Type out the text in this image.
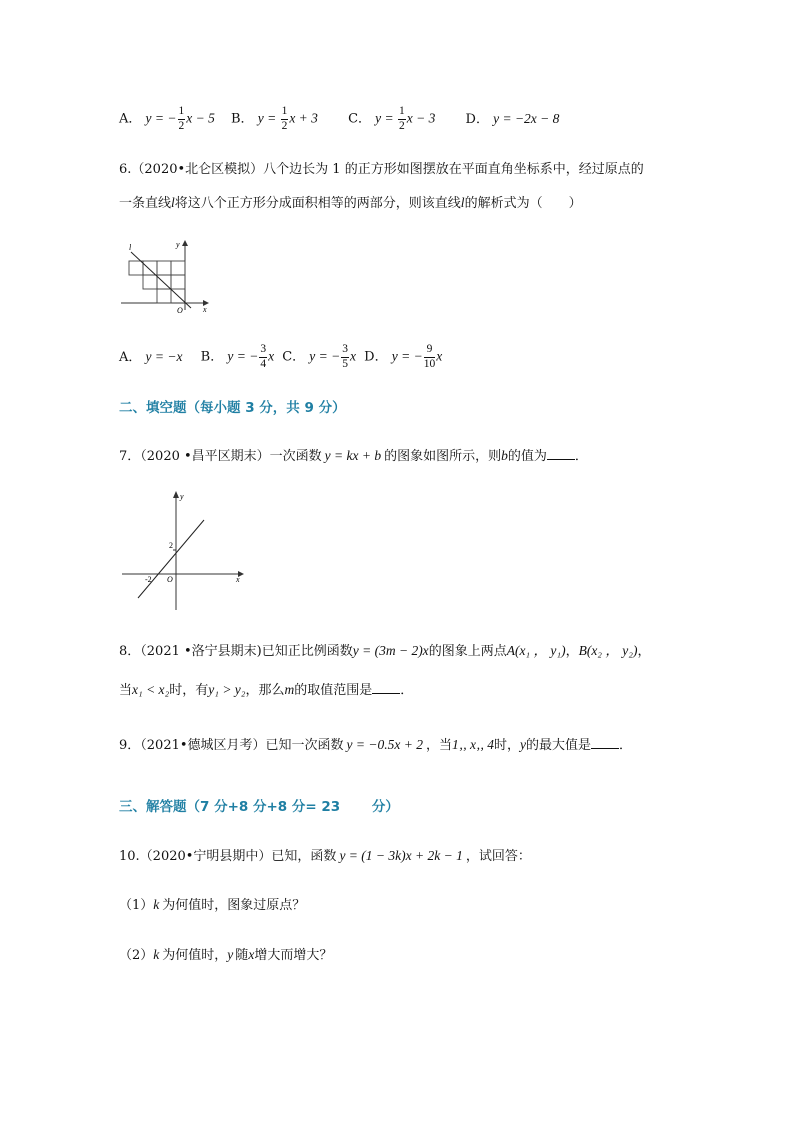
A． y = − $\frac{1}{2}$ x − 5 B． $y = \frac{1}{2}$ x + 3 C． $y = \frac{1}{2}$ x − 3 D． y = −2x − 8
6.（2020•北仑区模拟）八个边长为 1 的正方形如图摆放在平面直角坐标系中，经过原点的
一条直线l将这八个正方形分成面积相等的两部分，则该直线l的解析式为（　　）
l	y
x
O
A． y = −x B． y = − $\frac{3}{4}$ x C． y = − $\frac{3}{5}$ x D． y = − $\frac{9}{10}$ x
二、填空题（每小题 3 分，共 9 分）
7．（2020 •昌平区期末）一次函数 y = kx + b 的图象如图所示，则b的值为 ．
y
x
O
2
-2
8．（2021 •洛宁县期末)已知正比例函数y = (3m − 2)x的图象上两点A(x₁ ， y₁)，B(x₂ ， y₂)，
当x₁ < x₂时，有y₁ > y₂，那么m的取值范围是 ．
9．（2021•德城区月考）已知一次函数 y = −0.5x + 2 ，当1‚, x‚, 4时，y的最大值是 ．
三、解答题（7 分+8 分+8 分= 23 　　分）
10.（2020•宁明县期中）已知，函数 y = (1 − 3k)x + 2k − 1 ，试回答：
（1）k 为何值时，图象过原点？
（2）k 为何值时，y 随x增大而增大？
